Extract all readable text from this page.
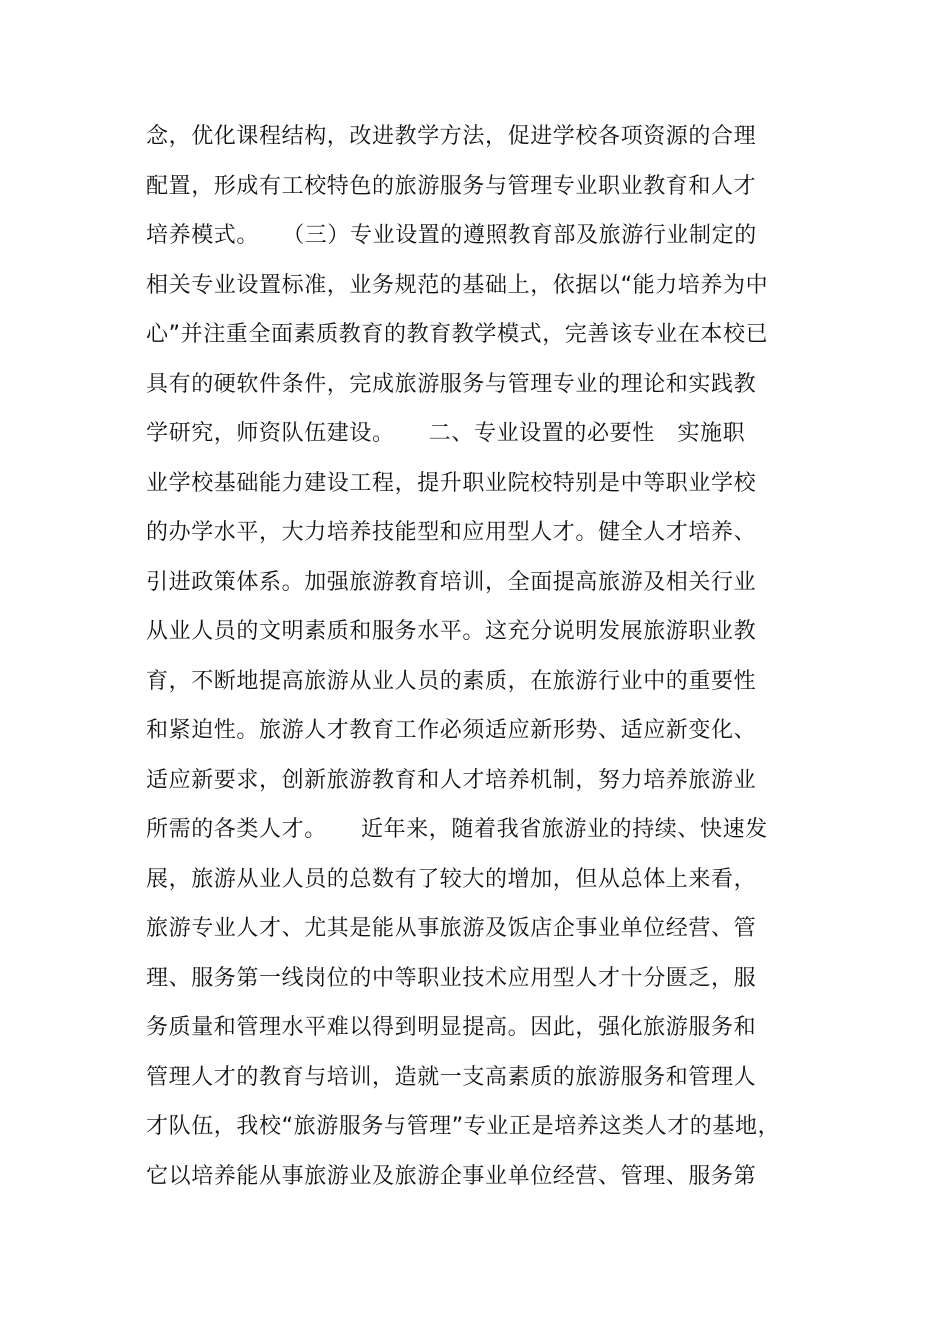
念，优化课程结构，改进教学方法，促进学校各项资源的合理
配置，形成有工校特色的旅游服务与管理专业职业教育和人才
培养模式。　　（三）专业设置的遵照教育部及旅游行业制定的
相关专业设置标准，业务规范的基础上，依据以“能力培养为中
心”并注重全面素质教育的教育教学模式，完善该专业在本校已
具有的硬软件条件，完成旅游服务与管理专业的理论和实践教
学研究，师资队伍建设。　　二、专业设置的必要性　实施职
业学校基础能力建设工程，提升职业院校特别是中等职业学校
的办学水平，大力培养技能型和应用型人才。健全人才培养、
引进政策体系。加强旅游教育培训，全面提高旅游及相关行业
从业人员的文明素质和服务水平。这充分说明发展旅游职业教
育，不断地提高旅游从业人员的素质，在旅游行业中的重要性
和紧迫性。旅游人才教育工作必须适应新形势、适应新变化、
适应新要求，创新旅游教育和人才培养机制，努力培养旅游业
所需的各类人才。　　近年来，随着我省旅游业的持续、快速发
展，旅游从业人员的总数有了较大的增加，但从总体上来看，
旅游专业人才、尤其是能从事旅游及饭店企事业单位经营、管
理、服务第一线岗位的中等职业技术应用型人才十分匮乏，服
务质量和管理水平难以得到明显提高。因此，强化旅游服务和
管理人才的教育与培训，造就一支高素质的旅游服务和管理人
才队伍，我校“旅游服务与管理”专业正是培养这类人才的基地，
它以培养能从事旅游业及旅游企事业单位经营、管理、服务第
